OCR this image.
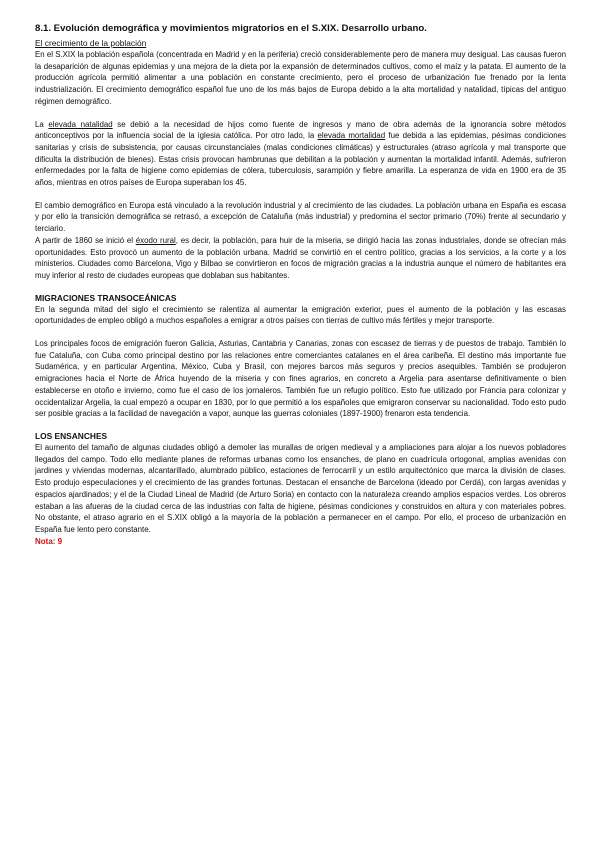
8.1. Evolución demográfica y movimientos migratorios en el S.XIX. Desarrollo urbano.
El crecimiento de la población

En el S.XIX la población española (concentrada en Madrid y en la periferia) creció considerablemente pero de manera muy desigual. Las causas fueron la desaparición de algunas epidemias y una mejora de la dieta por la expansión de determinados cultivos, como el maíz y la patata. El aumento de la producción agrícola permitió alimentar a una población en constante crecimiento, pero el proceso de urbanización fue frenado por la lenta industrialización. El crecimiento demográfico español fue uno de los más bajos de Europa debido a la alta mortalidad y natalidad, típicas del antiguo régimen demográfico.

La elevada natalidad se debió a la necesidad de hijos como fuente de ingresos y mano de obra además de la ignorancia sobre métodos anticonceptivos por la influencia social de la iglesia católica. Por otro lado, la elevada mortalidad fue debida a las epidemias, pésimas condiciones sanitarias y crisis de subsistencia, por causas circunstanciales (malas condiciones climáticas) y estructurales (atraso agrícola y mal transporte que dificulta la distribución de bienes). Estas crisis provocan hambrunas que debilitan a la población y aumentan la mortalidad infantil. Además, sufrieron enfermedades por la falta de higiene como epidemias de cólera, tuberculosis, sarampión y fiebre amarilla. La esperanza de vida en 1900 era de 35 años, mientras en otros países de Europa superaban los 45.

El cambio demográfico en Europa está vinculado a la revolución industrial y al crecimiento de las ciudades. La población urbana en España es escasa y por ello la transición demográfica se retrasó, a excepción de Cataluña (más industrial) y predomina el sector primario (70%) frente al secundario y terciario.

A partir de 1860 se inició el éxodo rural, es decir, la población, para huir de la miseria, se dirigió hacia las zonas industriales, donde se ofrecían más oportunidades. Esto provocó un aumento de la población urbana. Madrid se convirtió en el centro político, gracias a los servicios, a la corte y a los ministerios. Ciudades como Barcelona, Vigo y Bilbao se convirtieron en focos de migración gracias a la industria aunque el número de habitantes era muy inferior al resto de ciudades europeas que doblaban sus habitantes.

MIGRACIONES TRANSOCEÁNICAS

En la segunda mitad del siglo el crecimiento se ralentiza al aumentar la emigración exterior, pues el aumento de la población y las escasas oportunidades de empleo obligó a muchos españoles a emigrar a otros países con tierras de cultivo más fértiles y mejor transporte.

Los principales focos de emigración fueron Galicia, Asturias, Cantabria y Canarias, zonas con escasez de tierras y de puestos de trabajo. También lo fue Cataluña, con Cuba como principal destino por las relaciones entre comerciantes catalanes en el área caribeña. El destino más importante fue Sudamérica, y en particular Argentina, México, Cuba y Brasil, con mejores barcos más seguros y precios asequibles. También se produjeron emigraciones hacia el Norte de África huyendo de la miseria y con fines agrarios, en concreto a Argelia para asentarse definitivamente o bien establecerse en otoño e invierno, como fue el caso de los jornaleros. También fue un refugio político. Esto fue utilizado por Francia para colonizar y occidentalizar Argelia, la cual empezó a ocupar en 1830, por lo que permitió a los españoles que emigraron conservar su nacionalidad. Todo esto pudo ser posible gracias a la facilidad de navegación a vapor, aunque las guerras coloniales (1897-1900) frenaron esta tendencia.

LOS ENSANCHES

El aumento del tamaño de algunas ciudades obligó a demoler las murallas de origen medieval y a ampliaciones para alojar a los nuevos pobladores llegados del campo. Todo ello mediante planes de reformas urbanas como los ensanches, de plano en cuadrícula ortogonal, amplias avenidas con jardines y viviendas modernas, alcantarillado, alumbrado público, estaciones de ferrocarril y un estilo arquitectónico que marca la división de clases. Esto produjo especulaciones y el crecimiento de las grandes fortunas. Destacan el ensanche de Barcelona (ideado por Cerdá), con largas avenidas y espacios ajardinados; y el de la Ciudad Lineal de Madrid (de Arturo Soria) en contacto con la naturaleza creando amplios espacios verdes. Los obreros estaban a las afueras de la ciudad cerca de las industrias con falta de higiene, pésimas condiciones y construidos en altura y con materiales pobres. No obstante, el atraso agrario en el S.XIX obligó a la mayoría de la población a permanecer en el campo. Por ello, el proceso de urbanización en España fue lento pero constante.

Nota: 9
